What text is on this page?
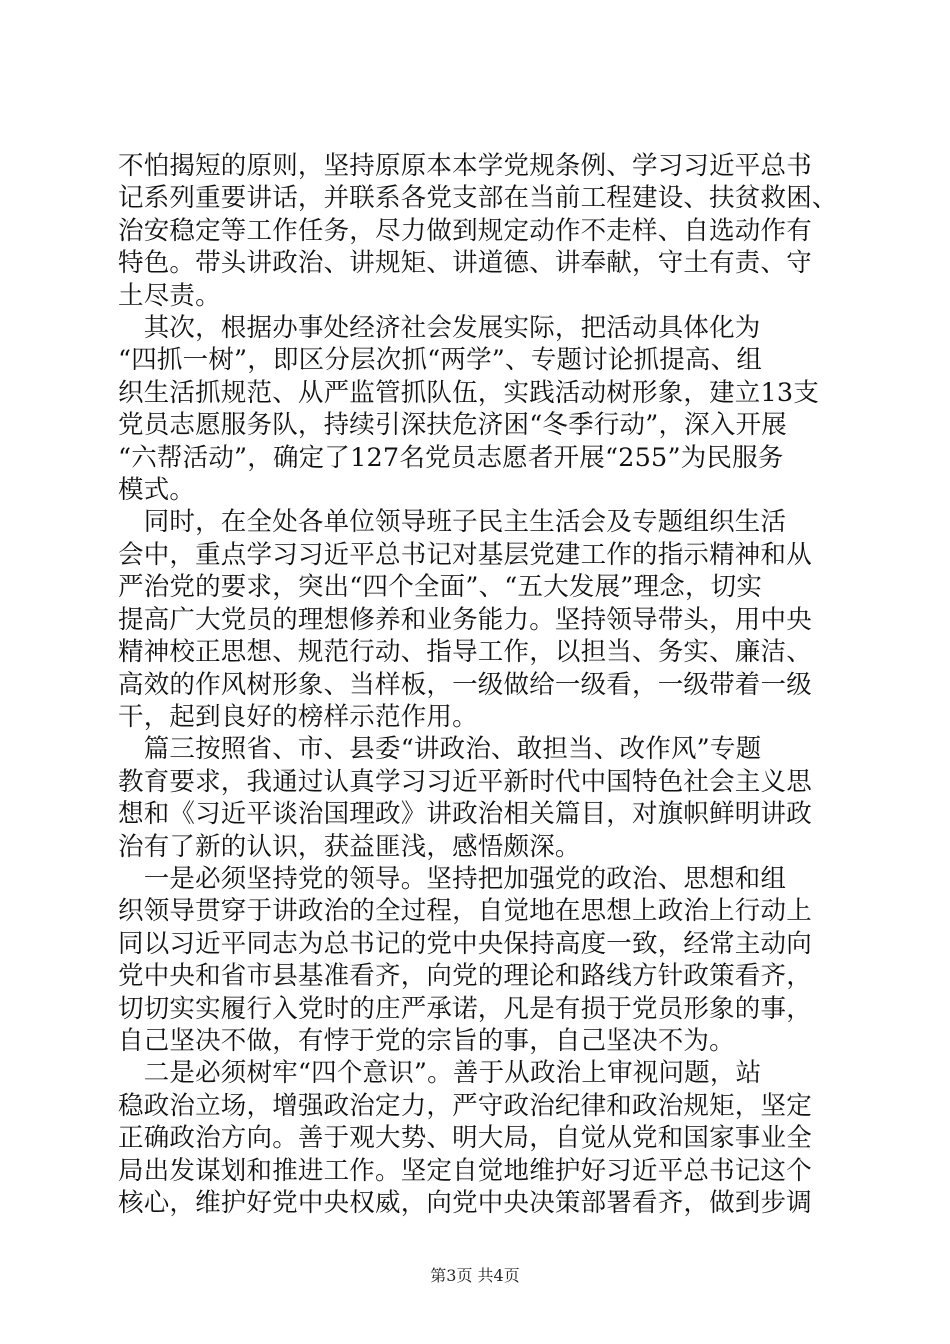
不怕揭短的原则，坚持原原本本学党规条例、学习习近平总书
记系列重要讲话，并联系各党支部在当前工程建设、扶贫救困、
治安稳定等工作任务，尽力做到规定动作不走样、自选动作有
特色。带头讲政治、讲规矩、讲道德、讲奉献，守土有责、守
土尽责。
　其次，根据办事处经济社会发展实际，把活动具体化为
“四抓一树”，即区分层次抓“两学”、专题讨论抓提高、组
织生活抓规范、从严监管抓队伍，实践活动树形象，建立13支
党员志愿服务队，持续引深扶危济困“冬季行动”，深入开展
“六帮活动”，确定了127名党员志愿者开展“255”为民服务
模式。
　同时，在全处各单位领导班子民主生活会及专题组织生活
会中，重点学习习近平总书记对基层党建工作的指示精神和从
严治党的要求，突出“四个全面”、“五大发展”理念，切实
提高广大党员的理想修养和业务能力。坚持领导带头，用中央
精神校正思想、规范行动、指导工作，以担当、务实、廉洁、
高效的作风树形象、当样板，一级做给一级看，一级带着一级
干，起到良好的榜样示范作用。
　篇三按照省、市、县委“讲政治、敢担当、改作风”专题
教育要求，我通过认真学习习近平新时代中国特色社会主义思
想和《习近平谈治国理政》讲政治相关篇目，对旗帜鲜明讲政
治有了新的认识，获益匪浅，感悟颇深。
　一是必须坚持党的领导。坚持把加强党的政治、思想和组
织领导贯穿于讲政治的全过程，自觉地在思想上政治上行动上
同以习近平同志为总书记的党中央保持高度一致，经常主动向
党中央和省市县基准看齐，向党的理论和路线方针政策看齐，
切切实实履行入党时的庄严承诺，凡是有损于党员形象的事，
自己坚决不做，有悖于党的宗旨的事，自己坚决不为。
　二是必须树牢“四个意识”。善于从政治上审视问题，站
稳政治立场，增强政治定力，严守政治纪律和政治规矩，坚定
正确政治方向。善于观大势、明大局，自觉从党和国家事业全
局出发谋划和推进工作。坚定自觉地维护好习近平总书记这个
核心，维护好党中央权威，向党中央决策部署看齐，做到步调
第3页 共4页
